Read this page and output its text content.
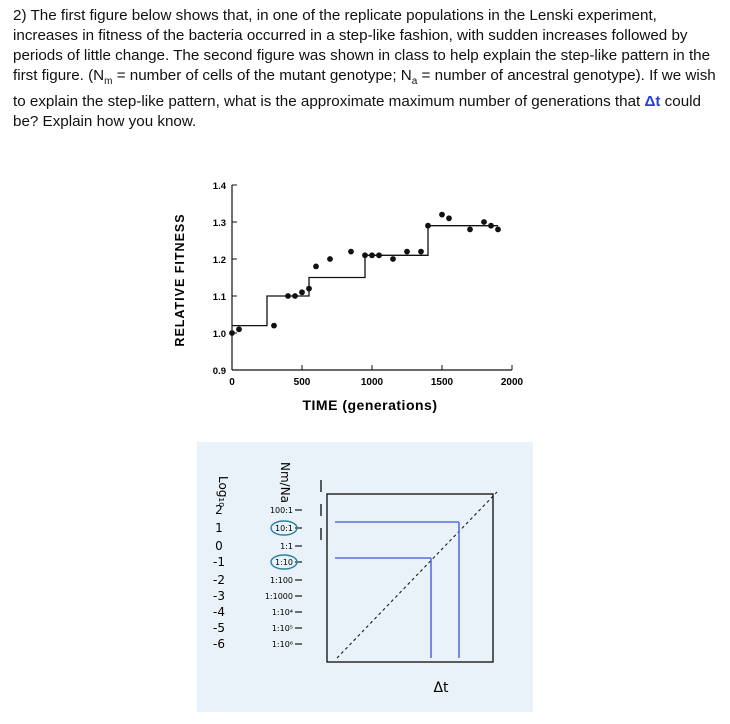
2) The first figure below shows that, in one of the replicate populations in the Lenski experiment, increases in fitness of the bacteria occurred in a step-like fashion, with sudden increases followed by periods of little change. The second figure was shown in class to help explain the step-like pattern in the first figure. ($N_m$ = number of cells of the mutant genotype; $N_a$ = number of ancestral genotype). If we wish to explain the step-like pattern, what is the approximate maximum number of generations that Δt could be? Explain how you know.

0.9
1.0
1.1
1.2
1.3
1.4
0	500	1000	1500	2000
RELATIVE FITNESS
TIME (generations)
2
1
0
-1
-2
-3
-4
-5
-6
100:1
10:1
1:1
1:10
1:100
1:1000
1:10⁴
1:10⁵
1:10⁶
Log₁₀	Nm/Na
Δt
